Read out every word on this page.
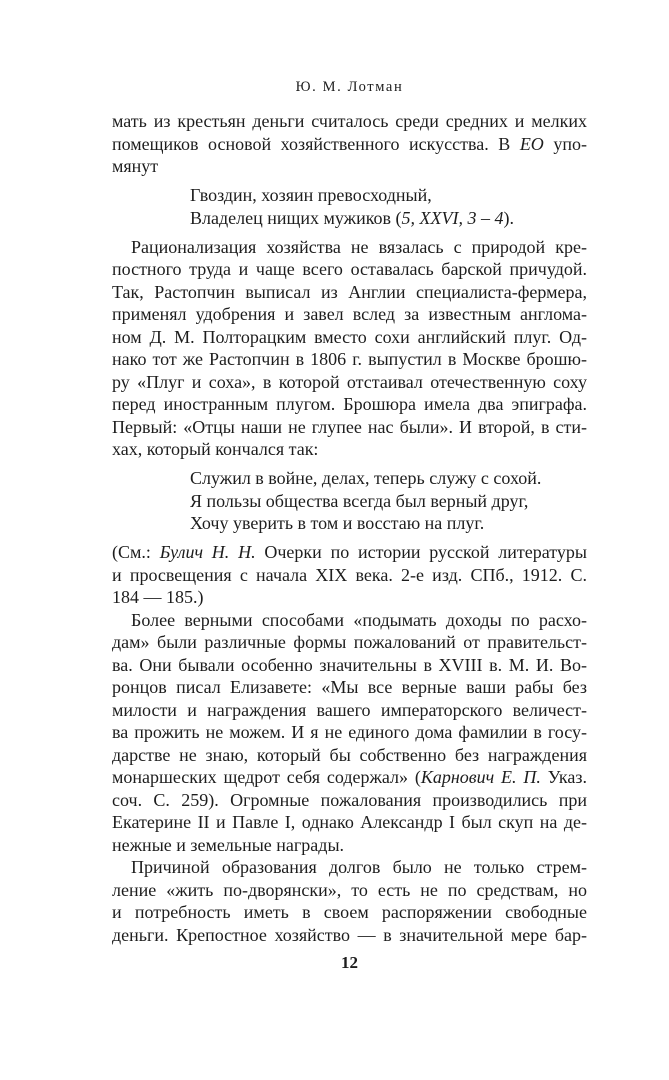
Ю. М. Лотман
мать из крестьян деньги считалось среди средних и мелких
помещиков основой хозяйственного искусства. В ЕО упо-
мянут
Гвоздин, хозяин превосходный,
Владелец нищих мужиков (5, XXVI, 3 – 4).
Рационализация хозяйства не вязалась с природой кре-
постного труда и чаще всего оставалась барской причудой.
Так, Растопчин выписал из Англии специалиста-фермера,
применял удобрения и завел вслед за известным англома-
ном Д. М. Полторацким вместо сохи английский плуг. Од-
нако тот же Растопчин в 1806 г. выпустил в Москве брошю-
ру «Плуг и соха», в которой отстаивал отечественную соху
перед иностранным плугом. Брошюра имела два эпиграфа.
Первый: «Отцы наши не глупее нас были». И второй, в сти-
хах, который кончался так:
Служил в войне, делах, теперь служу с сохой.
Я пользы общества всегда был верный друг,
Хочу уверить в том и восстаю на плуг.
(См.: Булич Н. Н. Очерки по истории русской литературы
и просвещения с начала XIX века. 2-е изд. СПб., 1912. С.
184 — 185.)
Более верными способами «подымать доходы по расхо-
дам» были различные формы пожалований от правительст-
ва. Они бывали особенно значительны в XVIII в. М. И. Во-
ронцов писал Елизавете: «Мы все верные ваши рабы без
милости и награждения вашего императорского величест-
ва прожить не можем. И я не единого дома фамилии в госу-
дарстве не знаю, который бы собственно без награждения
монаршеских щедрот себя содержал» (Карнович Е. П. Указ.
соч. С. 259). Огромные пожалования производились при
Екатерине II и Павле I, однако Александр I был скуп на де-
нежные и земельные награды.
Причиной образования долгов было не только стрем-
ление «жить по-дворянски», то есть не по средствам, но
и потребность иметь в своем распоряжении свободные
деньги. Крепостное хозяйство — в значительной мере бар-
12
